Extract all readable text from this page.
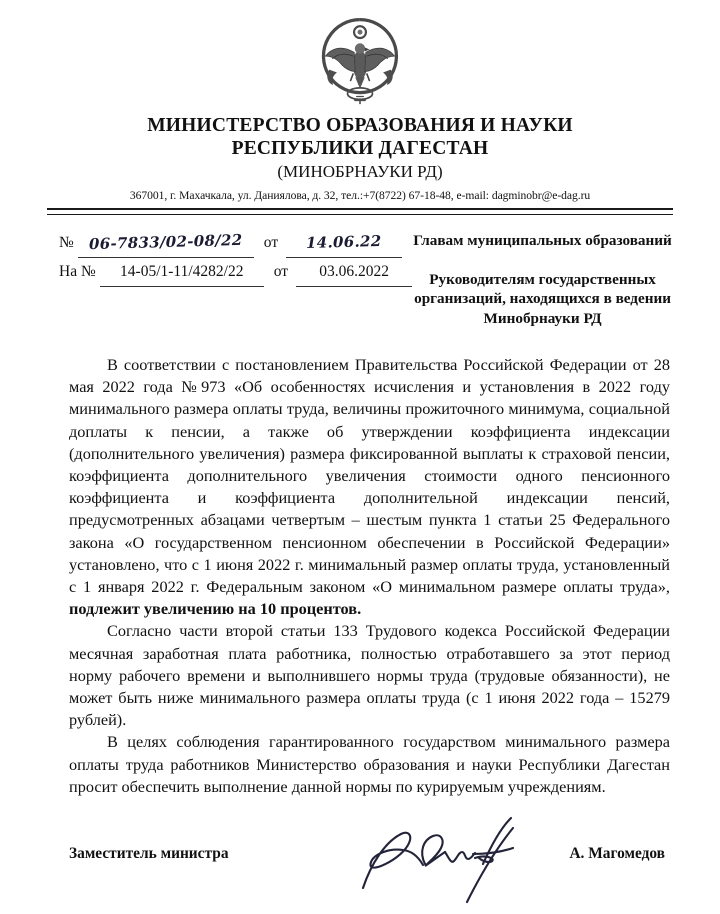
МИНИСТЕРСТВО ОБРАЗОВАНИЯ И НАУКИ
РЕСПУБЛИКИ ДАГЕСТАН
(МИНОБРНАУКИ РД)
367001, г. Махачкала, ул. Даниялова, д. 32, тел.:+7(8722) 67-18-48, e-mail: dagminobr@e-dag.ru
№	06-7833/02-08/22	от	14.06.22
На №	14-05/1-11/4282/22	от	03.06.2022
Главам муниципальных образований
Руководителям государственных организаций, находящихся в ведении Минобрнауки РД

В соответствии с постановлением Правительства Российской Федерации от 28 мая 2022 года №973 «Об особенностях исчисления и установления в 2022 году минимального размера оплаты труда, величины прожиточного минимума, социальной доплаты к пенсии, а также об утверждении коэффициента индексации (дополнительного увеличения) размера фиксированной выплаты к страховой пенсии, коэффициента дополнительного увеличения стоимости одного пенсионного коэффициента и коэффициента дополнительной индексации пенсий, предусмотренных абзацами четвертым – шестым пункта 1 статьи 25 Федерального закона «О государственном пенсионном обеспечении в Российской Федерации» установлено, что с 1 июня 2022 г. минимальный размер оплаты труда, установленный с 1 января 2022 г. Федеральным законом «О минимальном размере оплаты труда», подлежит увеличению на 10 процентов.

Согласно части второй статьи 133 Трудового кодекса Российской Федерации месячная заработная плата работника, полностью отработавшего за этот период норму рабочего времени и выполнившего нормы труда (трудовые обязанности), не может быть ниже минимального размера оплаты труда (с 1 июня 2022 года – 15279 рублей).

В целях соблюдения гарантированного государством минимального размера оплаты труда работников Министерство образования и науки Республики Дагестан просит обеспечить выполнение данной нормы по курируемым учреждениям.

Заместитель министра	А. Магомедов
